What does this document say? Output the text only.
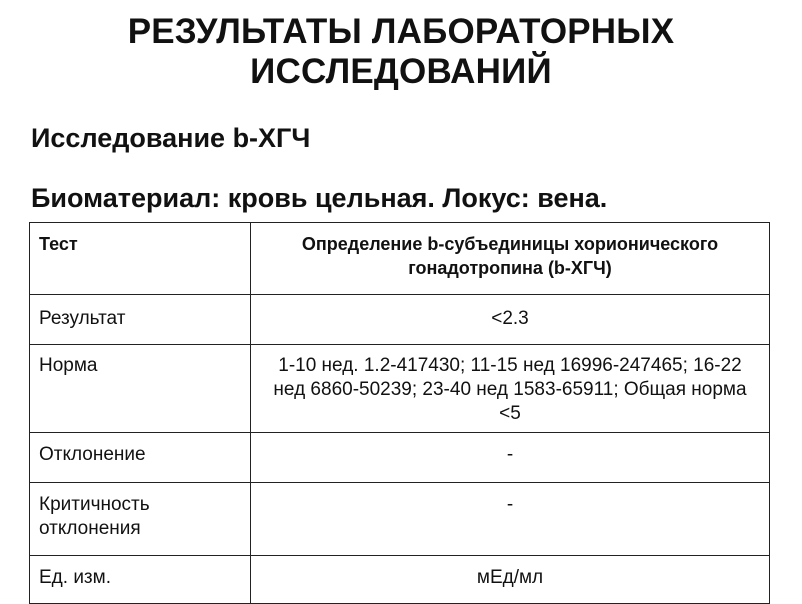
РЕЗУЛЬТАТЫ ЛАБОРАТОРНЫХ
ИССЛЕДОВАНИЙ
Исследование b-ХГЧ
Биоматериал: кровь цельная. Локус: вена.
Тест	Определение b-субъединицы хорионического гонадотропина (b-ХГЧ)
Результат	<2.3
Норма	1-10 нед. 1.2-417430; 11-15 нед 16996-247465; 16-22 нед 6860-50239; 23-40 нед 1583-65911; Общая норма <5
Отклонение	-
Критичность отклонения	-
Ед. изм.	мЕд/мл
